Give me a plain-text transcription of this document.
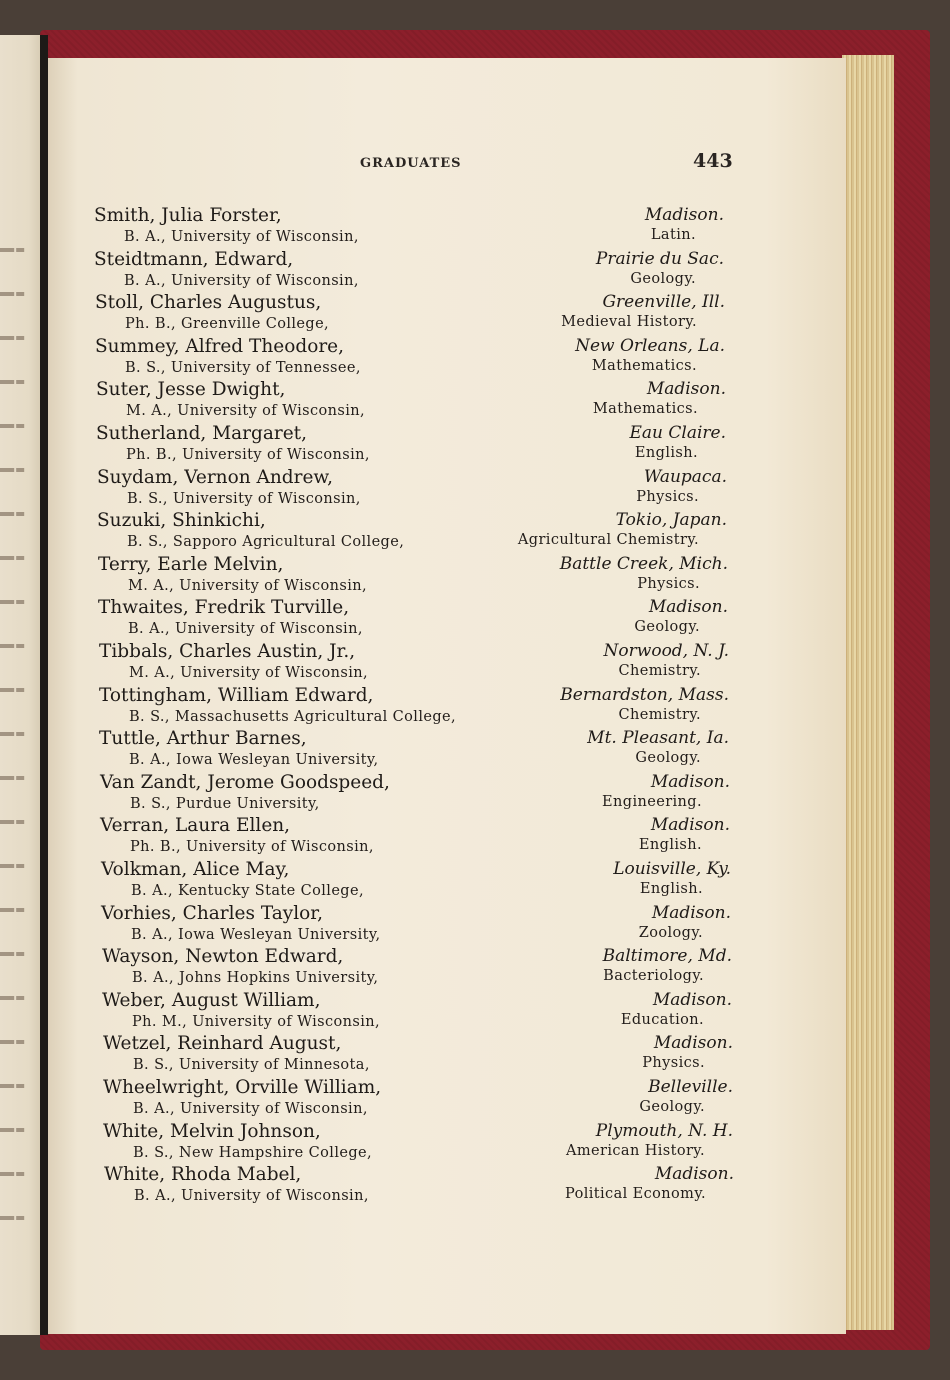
GRADUATES	443
Smith, Julia Forster,	Madison.
B. A., University of Wisconsin,	Latin.
Steidtmann, Edward,	Prairie du Sac.
B. A., University of Wisconsin,	Geology.
Stoll, Charles Augustus,	Greenville, Ill.
Ph. B., Greenville College,	Medieval History.
Summey, Alfred Theodore,	New Orleans, La.
B. S., University of Tennessee,	Mathematics.
Suter, Jesse Dwight,	Madison.
M. A., University of Wisconsin,	Mathematics.
Sutherland, Margaret,	Eau Claire.
Ph. B., University of Wisconsin,	English.
Suydam, Vernon Andrew,	Waupaca.
B. S., University of Wisconsin,	Physics.
Suzuki, Shinkichi,	Tokio, Japan.
B. S., Sapporo Agricultural College,	Agricultural Chemistry.
Terry, Earle Melvin,	Battle Creek, Mich.
M. A., University of Wisconsin,	Physics.
Thwaites, Fredrik Turville,	Madison.
B. A., University of Wisconsin,	Geology.
Tibbals, Charles Austin, Jr.,	Norwood, N. J.
M. A., University of Wisconsin,	Chemistry.
Tottingham, William Edward,	Bernardston, Mass.
B. S., Massachusetts Agricultural College,	Chemistry.
Tuttle, Arthur Barnes,	Mt. Pleasant, Ia.
B. A., Iowa Wesleyan University,	Geology.
Van Zandt, Jerome Goodspeed,	Madison.
B. S., Purdue University,	Engineering.
Verran, Laura Ellen,	Madison.
Ph. B., University of Wisconsin,	English.
Volkman, Alice May,	Louisville, Ky.
B. A., Kentucky State College,	English.
Vorhies, Charles Taylor,	Madison.
B. A., Iowa Wesleyan University,	Zoology.
Wayson, Newton Edward,	Baltimore, Md.
B. A., Johns Hopkins University,	Bacteriology.
Weber, August William,	Madison.
Ph. M., University of Wisconsin,	Education.
Wetzel, Reinhard August,	Madison.
B. S., University of Minnesota,	Physics.
Wheelwright, Orville William,	Belleville.
B. A., University of Wisconsin,	Geology.
White, Melvin Johnson,	Plymouth, N. H.
B. S., New Hampshire College,	American History.
White, Rhoda Mabel,	Madison.
B. A., University of Wisconsin,	Political Economy.
